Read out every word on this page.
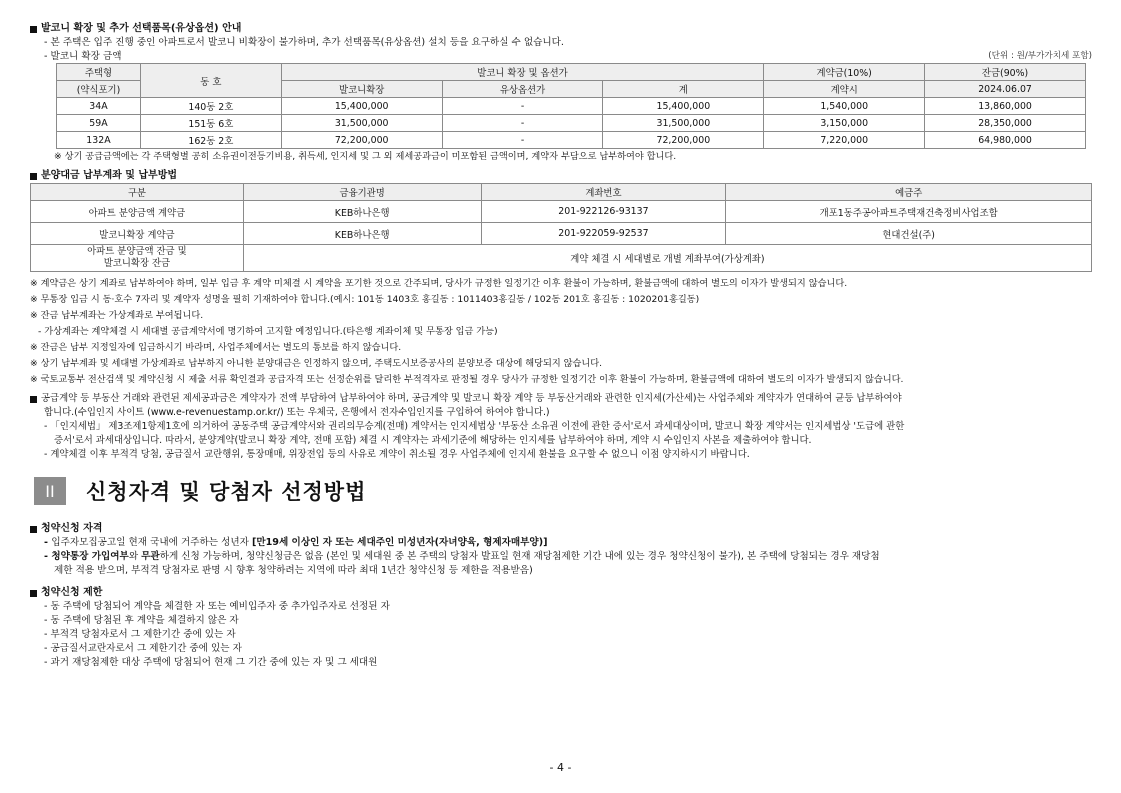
발코니 확장 및 추가 선택품목(유상옵션) 안내
- 본 주택은 입주 진행 중인 아파트로서 발코니 비확장이 불가하며, 추가 선택품목(유상옵션) 설치 등을 요구하실 수 없습니다.
- 발코니 확장 금액	(단위 : 원/부가가치세 포함)
주택형	동 호	발코니 확장 및 옵션가			계약금(10%)	잔금(90%)
(약식포기)		발코니확장	유상옵션가	계	계약시	2024.06.07
34A	140동 2호	15,400,000	-	15,400,000	1,540,000	13,860,000
59A	151동 6호	31,500,000	-	31,500,000	3,150,000	28,350,000
132A	162동 2호	72,200,000	-	72,200,000	7,220,000	64,980,000
※ 상기 공급금액에는 각 주택형별 공히 소유권이전등기비용, 취득세, 인지세 및 그 외 제세공과금이 미포함된 금액이며, 계약자 부담으로 납부하여야 합니다.
분양대금 납부계좌 및 납부방법
구분	금융기관명	계좌번호	예금주
아파트 분양금액 계약금	KEB하나은행	201-922126-93137	개포1동주공아파트주택재건축정비사업조합
발코니확장 계약금	KEB하나은행	201-922059-92537	현대건설(주)

아파트 분양금액 잔금 및
발코니확장 잔금	계약 체결 시 세대별로 개별 계좌부여(가상계좌)		
※ 계약금은 상기 계좌로 납부하여야 하며, 일부 입금 후 계약 미체결 시 계약을 포기한 것으로 간주되며, 당사가 규정한 일정기간 이후 환불이 가능하며, 환불금액에 대하여 별도의 이자가 발생되지 않습니다.
※ 무통장 입금 시 동·호수 7자리 및 계약자 성명을 필히 기재하여야 합니다.(예시: 101동 1403호 홍길동 : 1011403홍길동 / 102동 201호 홍길동 : 1020201홍길동)
※ 잔금 납부계좌는 가상계좌로 부여됩니다.
- 가상계좌는 계약체결 시 세대별 공급계약서에 명기하여 고지할 예정입니다.(타은행 계좌이체 및 무통장 입금 가능)
※ 잔금은 납부 지정일자에 입금하시기 바라며, 사업주체에서는 별도의 통보를 하지 않습니다.
※ 상기 납부계좌 및 세대별 가상계좌로 납부하지 아니한 분양대금은 인정하지 않으며, 주택도시보증공사의 분양보증 대상에 해당되지 않습니다.
※ 국토교통부 전산검색 및 계약신청 시 제출 서류 확인결과 공급자격 또는 선정순위를 달리한 부적격자로 판정될 경우 당사가 규정한 일정기간 이후 환불이 가능하며, 환불금액에 대하여 별도의 이자가 발생되지 않습니다.
공급계약 등 부동산 거래와 관련된 제세공과금은 계약자가 전액 부담하여 납부하여야 하며, 공급계약 및 발코니 확장 계약 등 부동산거래와 관련한 인지세(가산세)는 사업주체와 계약자가 연대하여 균등 납부하여야
합니다.(수입인지 사이트 (www.e-revenuestamp.or.kr/) 또는 우체국, 은행에서 전자수입인지를 구입하여 하여야 합니다.)
- 「인지세법」 제3조제1항제1호에 의거하여 공동주택 공급계약서와 권리의무승계(전매) 계약서는 인지세법상 '부동산 소유권 이전에 관한 증서'로서 과세대상이며, 발코니 확장 계약서는 인지세법상 '도급에 관한
증서'로서 과세대상입니다. 따라서, 분양계약(발코니 확장 계약, 전매 포함) 체결 시 계약자는 과세기준에 해당하는 인지세를 납부하여야 하며, 계약 시 수입인지 사본을 제출하여야 합니다.
- 계약체결 이후 부적격 당첨, 공급질서 교란행위, 통장매매, 위장전입 등의 사유로 계약이 취소될 경우 사업주체에 인지세 환불을 요구할 수 없으니 이점 양지하시기 바랍니다.
II	신청자격 및 당첨자 선정방법
청약신청 자격
- 입주자모집공고일 현재 국내에 거주하는 성년자 [만19세 이상인 자 또는 세대주인 미성년자(자녀양육, 형제자매부양)]
- 청약통장 가입여부와 무관하게 신청 가능하며, 청약신청금은 없음 (본인 및 세대원 중 본 주택의 당첨자 발표일 현재 재당첨제한 기간 내에 있는 경우 청약신청이 불가), 본 주택에 당첨되는 경우 재당첨
제한 적용 받으며, 부적격 당첨자로 판명 시 향후 청약하려는 지역에 따라 최대 1년간 청약신청 등 제한을 적용받음)
청약신청 제한
- 동 주택에 당첨되어 계약을 체결한 자 또는 예비입주자 중 추가입주자로 선정된 자
- 동 주택에 당첨된 후 계약을 체결하지 않은 자
- 부적격 당첨자로서 그 제한기간 중에 있는 자
- 공급질서교란자로서 그 제한기간 중에 있는 자
- 과거 재당첨제한 대상 주택에 당첨되어 현재 그 기간 중에 있는 자 및 그 세대원
- 4 -
